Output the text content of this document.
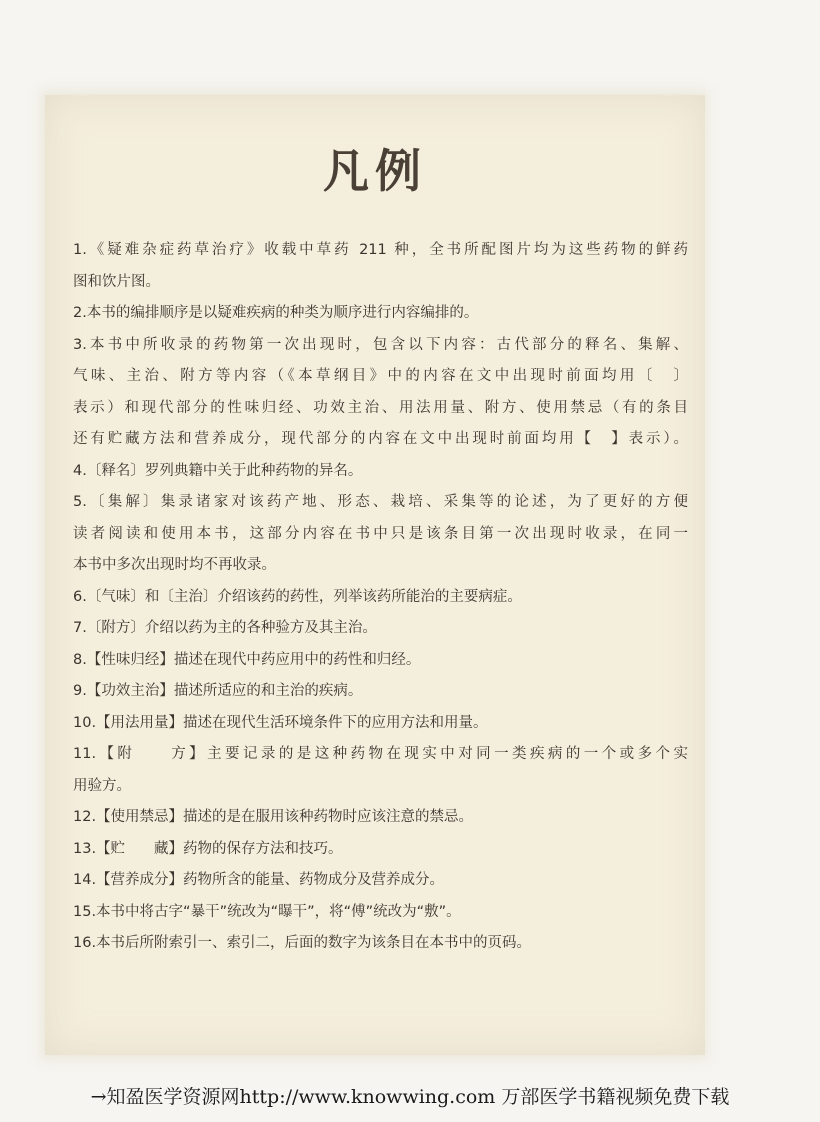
凡例
1.《疑难杂症药草治疗》收载中草药 211 种，全书所配图片均为这些药物的鲜药
图和饮片图。
2.本书的编排顺序是以疑难疾病的种类为顺序进行内容编排的。
3.本书中所收录的药物第一次出现时，包含以下内容：古代部分的释名、集解、
气味、主治、附方等内容（《本草纲目》中的内容在文中出现时前面均用〔　〕
表示）和现代部分的性味归经、功效主治、用法用量、附方、使用禁忌（有的条目
还有贮藏方法和营养成分，现代部分的内容在文中出现时前面均用【　】表示）。
4.〔释名〕罗列典籍中关于此种药物的异名。
5.〔集解〕集录诸家对该药产地、形态、栽培、采集等的论述，为了更好的方便
读者阅读和使用本书，这部分内容在书中只是该条目第一次出现时收录，在同一
本书中多次出现时均不再收录。
6.〔气味〕和〔主治〕介绍该药的药性，列举该药所能治的主要病症。
7.〔附方〕介绍以药为主的各种验方及其主治。
8.【性味归经】描述在现代中药应用中的药性和归经。
9.【功效主治】描述所适应的和主治的疾病。
10.【用法用量】描述在现代生活环境条件下的应用方法和用量。
11.【附　　方】主要记录的是这种药物在现实中对同一类疾病的一个或多个实
用验方。
12.【使用禁忌】描述的是在服用该种药物时应该注意的禁忌。
13.【贮　　藏】药物的保存方法和技巧。
14.【营养成分】药物所含的能量、药物成分及营养成分。
15.本书中将古字“暴干”统改为“曝干”，将“傅”统改为“敷”。
16.本书后所附索引一、索引二，后面的数字为该条目在本书中的页码。
→知盈医学资源网http://www.knowwing.com 万部医学书籍视频免费下载
